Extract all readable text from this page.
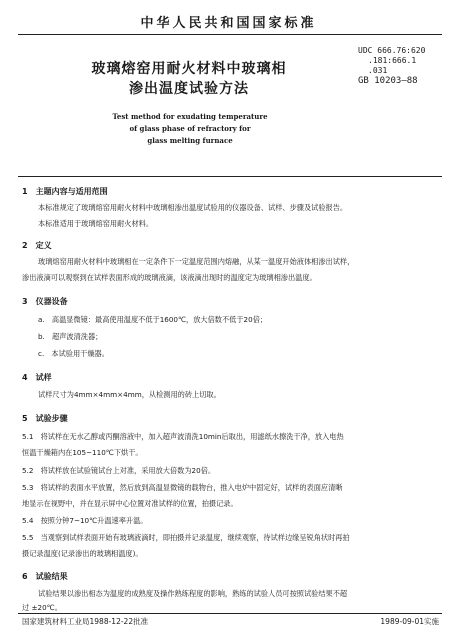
中华人民共和国国家标准
UDC 666.76:620
.181:666.1
.031
GB 10203—88
玻璃熔窑用耐火材料中玻璃相
渗出温度试验方法
Test method for exudating temperature
of glass phase of refractory for
glass melting furnace
1　主题内容与适用范围
本标准规定了玻璃熔窑用耐火材料中玻璃相渗出温度试验用的仪器设备、试样、步骤及试验报告。
本标准适用于玻璃熔窑用耐火材料。
2　定义
玻璃熔窑用耐火材料中玻璃相在一定条件下一定温度范围内熔融，从某一温度开始液体相渗出试样，
渗出液滴可以观察到在试样表面形成的玻璃液滴，该液滴出现时的温度定为玻璃相渗出温度。
3　仪器设备
a.　高温显微镜：最高使用温度不低于1600℃，放大倍数不低于20倍；
b.　超声波清洗器；
c.　本试验用干燥器。
4　试样
试样尺寸为4mm×4mm×4mm，从检测用的砖上切取。
5　试验步骤
5.1　将试样在无水乙醇或丙酮溶液中，加入超声波清洗10min后取出，用滤纸水擦洗干净，放入电热
恒温干燥箱内在105~110℃下烘干。
5.2　将试样放在试验镜试台上对准，采用放大倍数为20倍。
5.3　将试样的表面水平放置，然后放到高温显微镜的载物台，推入电炉中固定好，试样的表面应清晰
地显示在视野中，并在显示屏中心位置对准试样的位置，拍摄记录。
5.4　按照分钟7~10℃升温速率升温。
5.5　当观察到试样表面开始有玻璃液滴时，即拍摄并记录温度，继续观察，待试样边缘呈锐角状时再拍
摄记录温度(记录渗出的玻璃相温度)。
6　试验结果
试验结果以渗出相态为温度的成熟度及操作熟练程度的影响，熟练的试验人员可按照试验结果不超
过 ±20℃。
国家建筑材料工业局1988-12-22批准	1989-09-01实施
